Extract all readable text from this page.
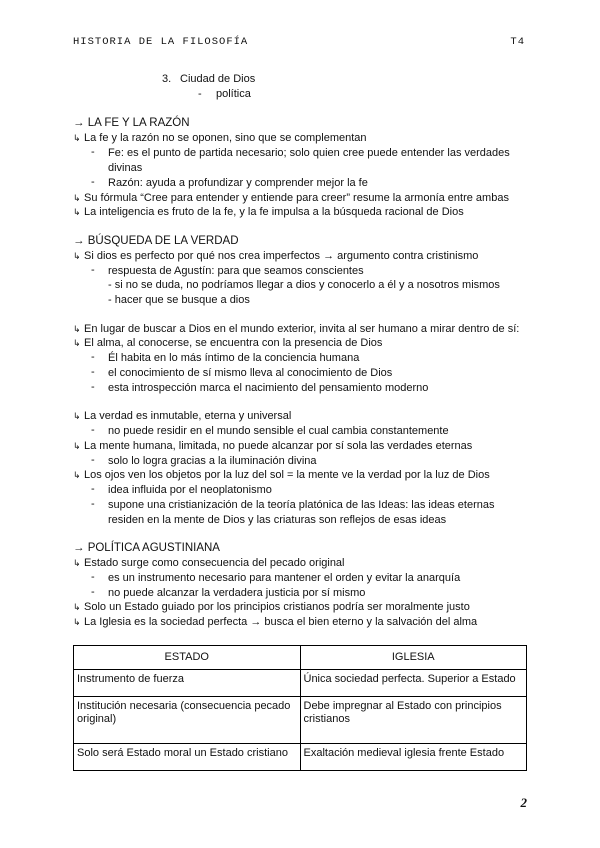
HISTORIA DE LA FILOSOFÍA	T4
3. Ciudad de Dios
- política
→ LA FE Y LA RAZÓN
↳ La fe y la razón no se oponen, sino que se complementan
- Fe: es el punto de partida necesario; solo quien cree puede entender las verdades
divinas
- Razón: ayuda a profundizar y comprender mejor la fe
↳ Su fórmula “Cree para entender y entiende para creer” resume la armonía entre ambas
↳ La inteligencia es fruto de la fe, y la fe impulsa a la búsqueda racional de Dios
→ BÚSQUEDA DE LA VERDAD
↳ Si dios es perfecto por qué nos crea imperfectos → argumento contra cristinismo
- respuesta de Agustín: para que seamos conscientes
- si no se duda, no podríamos llegar a dios y conocerlo a él y a nosotros mismos
- hacer que se busque a dios
↳ En lugar de buscar a Dios en el mundo exterior, invita al ser humano a mirar dentro de sí:
↳ El alma, al conocerse, se encuentra con la presencia de Dios
- Él habita en lo más íntimo de la conciencia humana
- el conocimiento de sí mismo lleva al conocimiento de Dios
- esta introspección marca el nacimiento del pensamiento moderno
↳ La verdad es inmutable, eterna y universal
- no puede residir en el mundo sensible el cual cambia constantemente
↳ La mente humana, limitada, no puede alcanzar por sí sola las verdades eternas
- solo lo logra gracias a la iluminación divina
↳ Los ojos ven los objetos por la luz del sol = la mente ve la verdad por la luz de Dios
- idea influida por el neoplatonismo
- supone una cristianización de la teoría platónica de las Ideas: las ideas eternas
residen en la mente de Dios y las criaturas son reflejos de esas ideas
→ POLÍTICA AGUSTINIANA
↳ Estado surge como consecuencia del pecado original
- es un instrumento necesario para mantener el orden y evitar la anarquía
- no puede alcanzar la verdadera justicia por sí mismo
↳ Solo un Estado guiado por los principios cristianos podría ser moralmente justo
↳ La Iglesia es la sociedad perfecta → busca el bien eterno y la salvación del alma
ESTADO	IGLESIA
Instrumento de fuerza	Única sociedad perfecta. Superior a Estado
Institución necesaria (consecuencia pecado original)	Debe impregnar al Estado con principios cristianos
Solo será Estado moral un Estado cristiano	Exaltación medieval iglesia frente Estado
2
